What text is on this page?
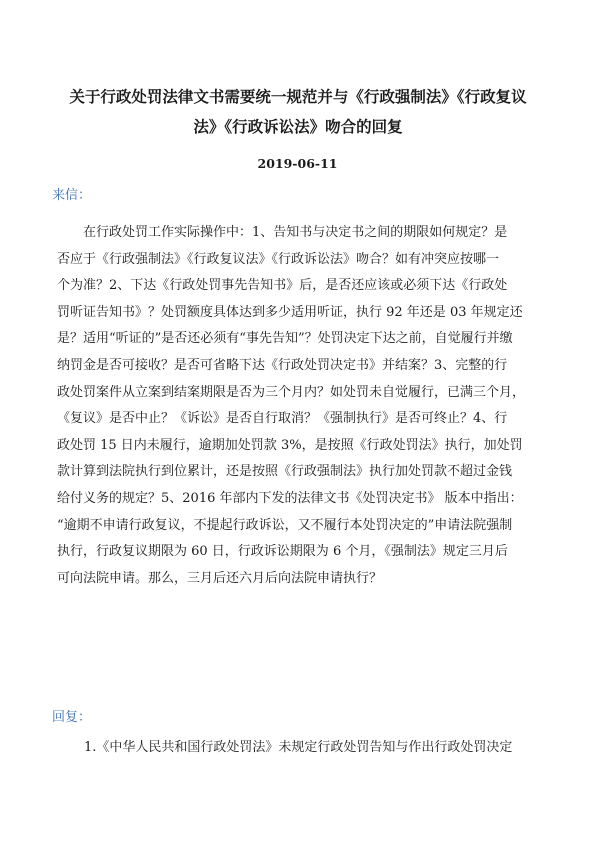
关于行政处罚法律文书需要统一规范并与《行政强制法》《行政复议
法》《行政诉讼法》吻合的回复
2019-06-11
来信：
在行政处罚工作实际操作中：1、告知书与决定书之间的期限如何规定？是
否应于《行政强制法》《行政复议法》《行政诉讼法》吻合？如有冲突应按哪一
个为准？2、下达《行政处罚事先告知书》后，是否还应该或必须下达《行政处
罚听证告知书》？处罚额度具体达到多少适用听证，执行 92 年还是 03 年规定还
是？适用“听证的”是否还必须有“事先告知”？处罚决定下达之前，自觉履行并缴
纳罚金是否可接收？是否可省略下达《行政处罚决定书》并结案？3、完整的行
政处罚案件从立案到结案期限是否为三个月内？如处罚未自觉履行，已满三个月，
《复议》是否中止？《诉讼》是否自行取消？《强制执行》是否可终止？4、行
政处罚 15 日内未履行，逾期加处罚款 3%，是按照《行政处罚法》执行，加处罚
款计算到法院执行到位累计，还是按照《行政强制法》执行加处罚款不超过金钱
给付义务的规定？5、2016 年部内下发的法律文书《处罚决定书》 版本中指出：
“逾期不申请行政复议，不提起行政诉讼，又不履行本处罚决定的”申请法院强制
执行，行政复议期限为 60 日，行政诉讼期限为 6 个月，《强制法》规定三月后
可向法院申请。那么，三月后还六月后向法院申请执行？
回复：
1.《中华人民共和国行政处罚法》未规定行政处罚告知与作出行政处罚决定
